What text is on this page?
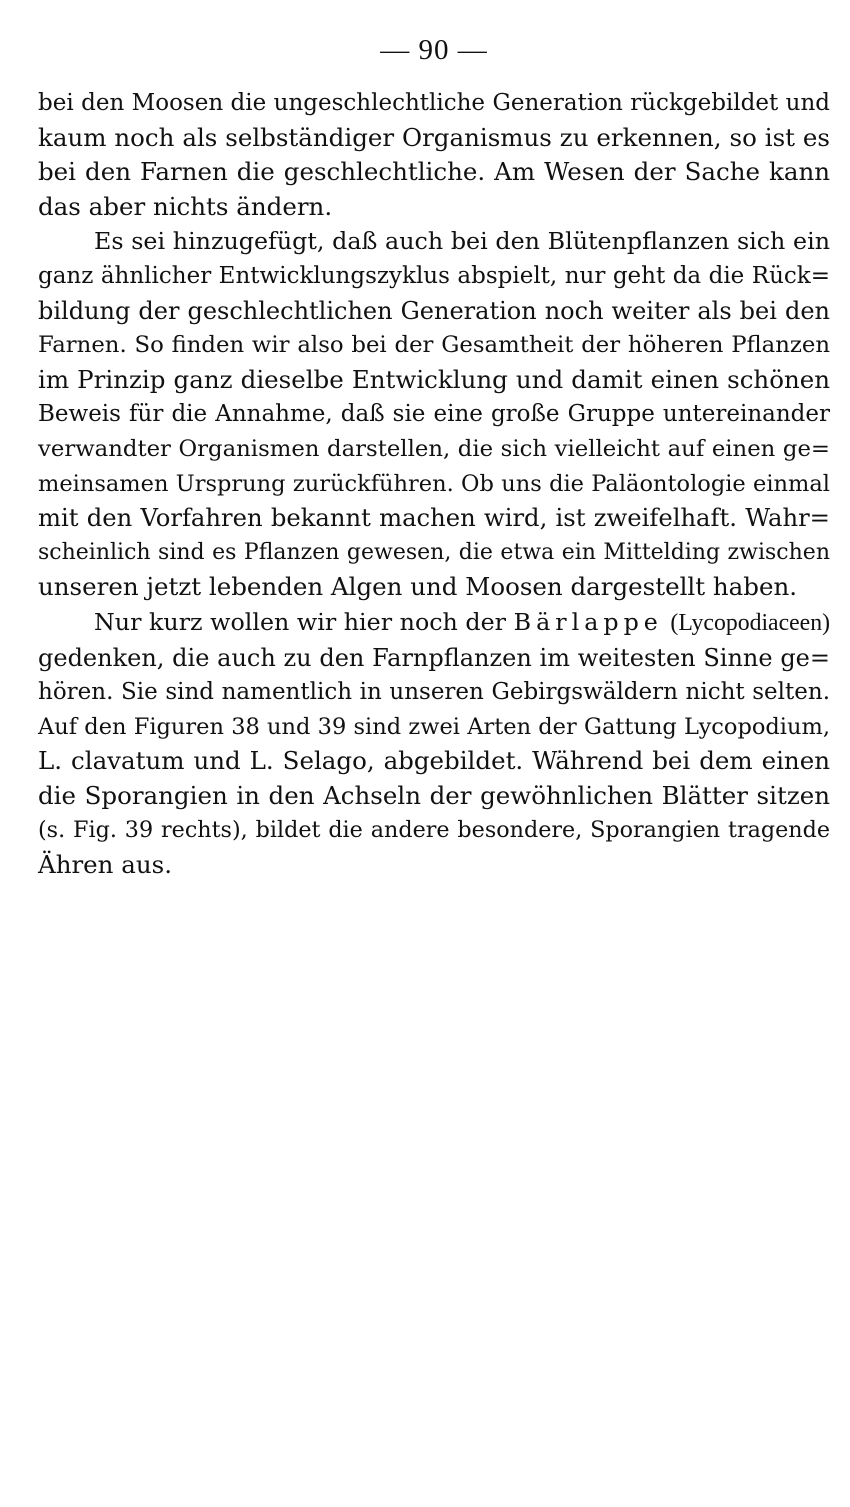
— 90 —

bei den Moosen die ungeschlechtliche Generation rückgebildet und
kaum noch als selbständiger Organismus zu erkennen, so ist es
bei den Farnen die geschlechtliche. Am Wesen der Sache kann
das aber nichts ändern.

Es sei hinzugefügt, daß auch bei den Blütenpflanzen sich ein
ganz ähnlicher Entwicklungszyklus abspielt, nur geht da die Rück=
bildung der geschlechtlichen Generation noch weiter als bei den
Farnen. So finden wir also bei der Gesamtheit der höheren Pflanzen
im Prinzip ganz dieselbe Entwicklung und damit einen schönen
Beweis für die Annahme, daß sie eine große Gruppe untereinander
verwandter Organismen darstellen, die sich vielleicht auf einen ge=
meinsamen Ursprung zurückführen. Ob uns die Paläontologie einmal
mit den Vorfahren bekannt machen wird, ist zweifelhaft. Wahr=
scheinlich sind es Pflanzen gewesen, die etwa ein Mittelding zwischen
unseren jetzt lebenden Algen und Moosen dargestellt haben.

Nur kurz wollen wir hier noch der Bärlappe (Lycopodiaceen)
gedenken, die auch zu den Farnpflanzen im weitesten Sinne ge=
hören. Sie sind namentlich in unseren Gebirgswäldern nicht selten.
Auf den Figuren 38 und 39 sind zwei Arten der Gattung Lycopodium,
L. clavatum und L. Selago, abgebildet. Während bei dem einen
die Sporangien in den Achseln der gewöhnlichen Blätter sitzen
(s. Fig. 39 rechts), bildet die andere besondere, Sporangien tragende
Ähren aus.
